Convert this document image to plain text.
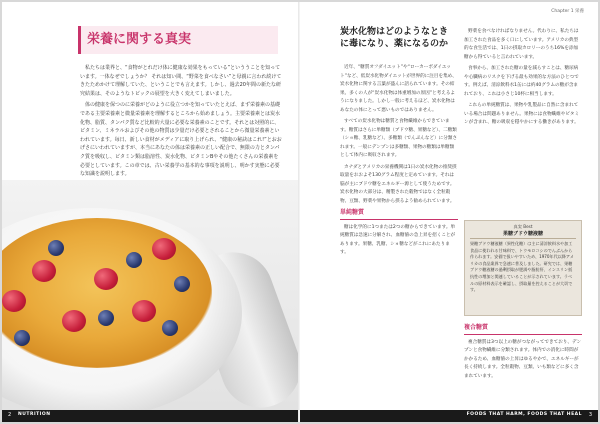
栄養に関する真実

私たちは業界と、“食物がとれだけ体に健康な効果をもっている”といううことを知っています。一体なぜでしょうか？ それは知い間、“野菜を食べなさい”と母親に言われ続けてきたためかけて理解していた、ということでも言えます。しかし、過去20年間の新たな研究結果は、そのようなトピックの展望を大きく変えてしまいました。

体の健康を保つのに栄養がどのように役立つかを知っていたとえば、まず栄養素の基礎である主要栄養素と微量栄養素を理解するところから始めましょう。主要栄養素とは炭水化物、脂質、タンパク質など比較的大量に必要な栄養素のことです。それとは対照的に、ビタミン、ミネラルおよびその他の物質は少量だけ必要とされることから微量栄養素といわれています。毎日、新しい食材がメディアに取り上げられ、“健康の秘訣はこれ!”とおおげさにいわれていますが、本当にあなたの体は栄養素の正しい配合で、無限の力とタンパク質を吸収し、ビタミン類は脂溶性、炭水化物、ビタミンBやその他たくさんの栄養素を必要としています。この章では、古い栄養学の基本的な事項を説明し、明かす実態に必要な知識を説明します。

2 NUTRITION
Chapter 1 栄養
炭水化物はどのようなときに毒になり、薬になるのか

近年、“糖質オフダイエット”や“ローカーボダイエット”など、低炭水化物ダイエットが世界的に注目を集め、炭水化物に関する言葉が盛んに語られています。その結果、多くの人が“炭水化物は体重増加の原因”と考えるようになりました。しかし一般に考えるほど、炭水化物はあなたの体にとって悪いものではありません。

すべての炭水化物は糖質と食物繊維からできています。糖質はさらに単糖類（ブドウ糖、果糖など）、二糖類（ショ糖、乳糖など）、多糖類（でんぷんなど）に分類されます。一般にデンプンは多糖類、果物の糖類は単糖類として体内に吸収されます。

カナダとアメリカの栄養機関は1日の炭水化物の推奨摂取量をおおよそ130グラム程度と定めています。それは脳が主にブドウ糖をエネルギー源として使うためです。炭水化物の大部分は、精製された穀物ではなく全粒穀物、豆類、野菜や果物から摂るよう勧められています。

単純糖質

糖は化学的に1つまたは2つの糖からできています。単純糖質は急速に分解され、血糖値の急上昇を招くことがあります。果糖、乳糖、ショ糖などがこれにあたります。

野菜を食べなければなりません。代わりに、私たちは加工された食品を多く口にしています。アメリカの典型的な食生活では、1日の摂取カロリーのうち16%を添加糖から得ていると言われています。

食事から、加工された糖の量を減らすことは、糖尿病や心臓病のリスクを下げる最も効果的な方法のひとつです。例えば、清涼飲料水1缶には約40グラムの糖が含まれており、これは小さじ10杯に相当します。

これらの単純糖質は、果物や乳製品に自然に含まれている場合は問題ありません。果物には食物繊維やビタミンが含まれ、糖の吸収を穏やかにする働きがあります。

真実 Best
果糖ブドウ糖液糖
果糖ブドウ糖液糖（異性化糖）は主に清涼飲料水や加工食品に使われる甘味料で、トウモロコシのでんぷんから作られます。安価で扱いやすいため、1970年代以降アメリカの食品業界で急速に普及しました。研究では、果糖ブドウ糖液糖の過剰摂取が肥満や脂肪肝、インスリン抵抗性の増加と関連していることが示されています。ラベルの原材料表示を確認し、摂取量を控えることが大切です。
複合糖質

複合糖質は3つ以上の糖がつながってできており、デンプンと食物繊維に分類されます。体内での消化に時間がかかるため、血糖値の上昇はゆるやかで、エネルギーが長く持続します。全粒穀物、豆類、いも類などに多く含まれています。

FOODS THAT HARM, FOODS THAT HEAL 3
